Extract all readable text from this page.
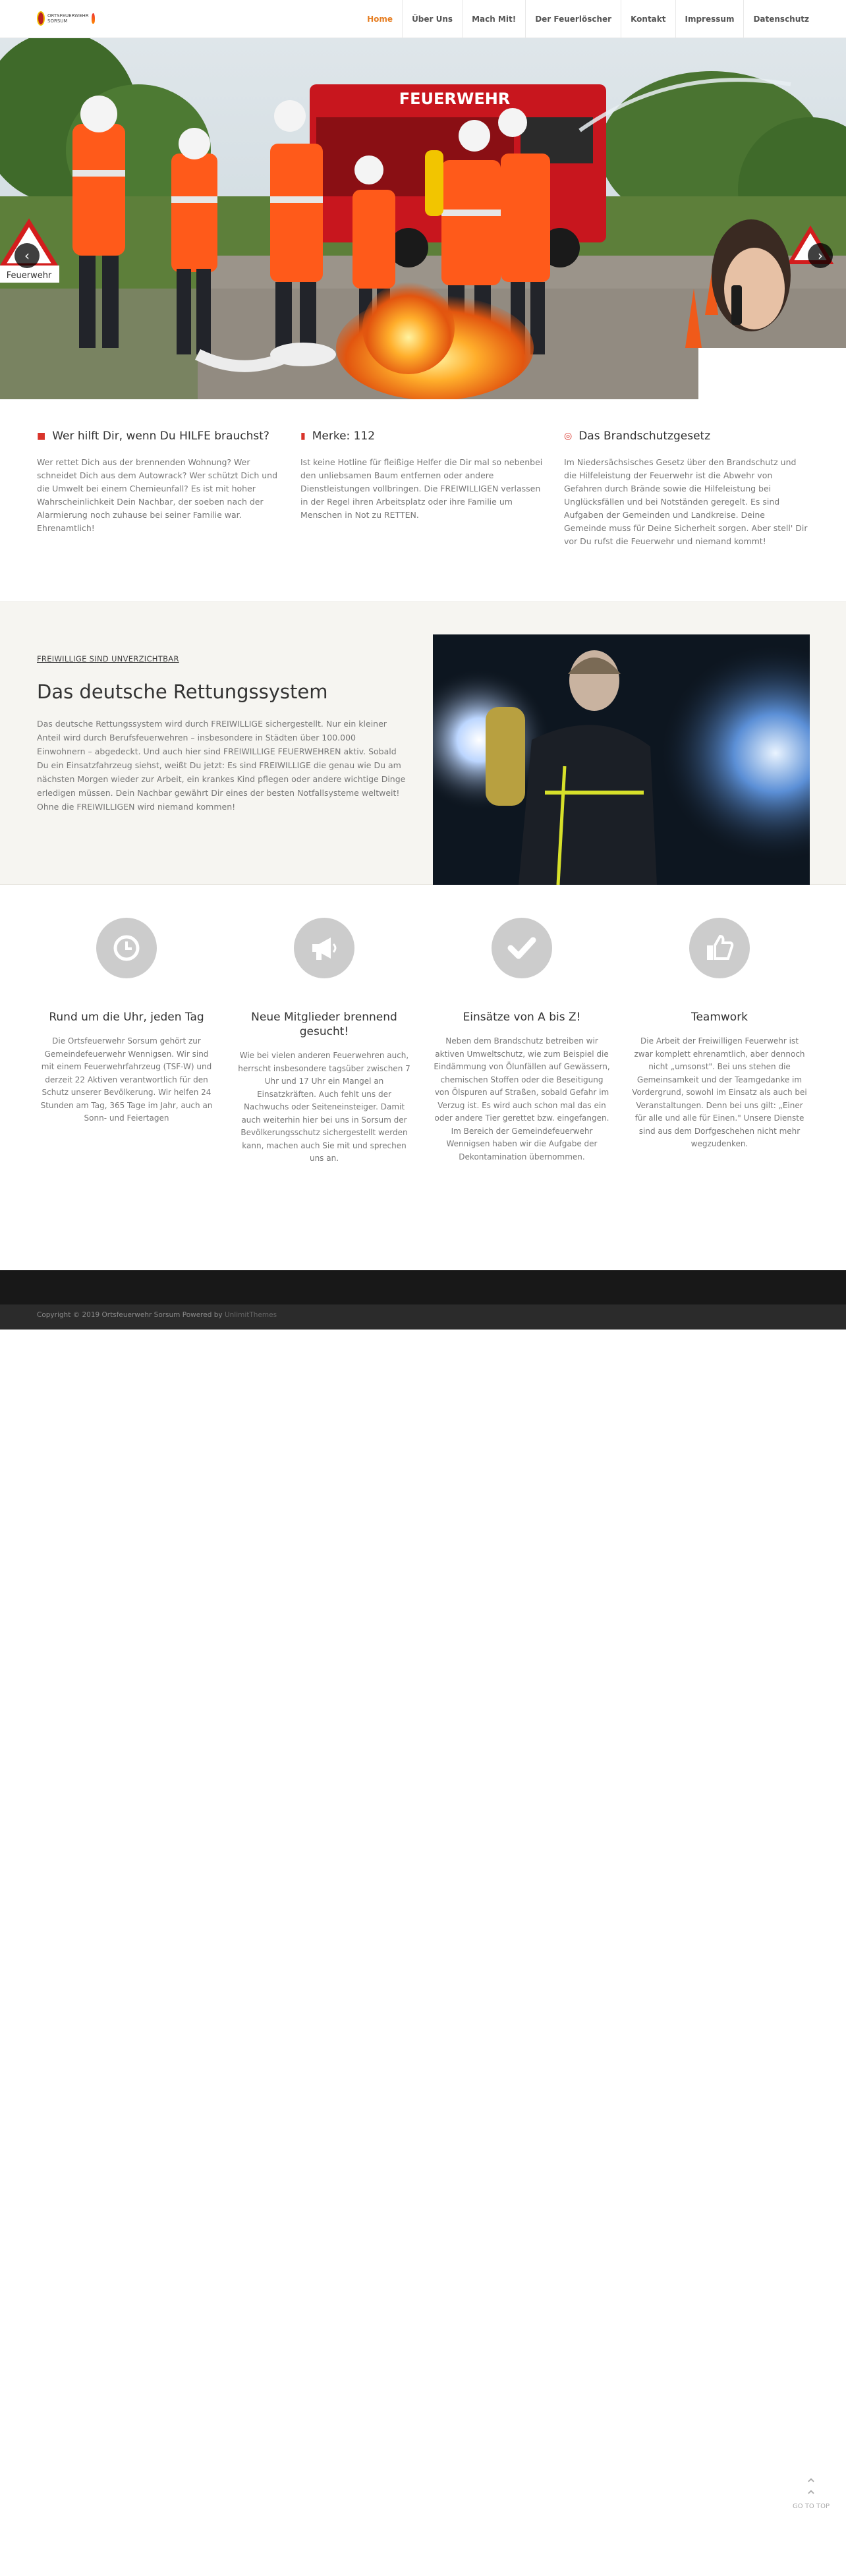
ORTSFEUERWEHR
SORSUM	Home	Über Uns	Mach Mit!	Der Feuerlöscher	Kontakt	Impressum	Datenschutz
FEUERWEHR
Feuerwehr
‹	›
■ Wer hilft Dir, wenn Du HILFE brauchst?

Wer rettet Dich aus der brennenden Wohnung? Wer schneidet Dich aus dem Autowrack? Wer schützt Dich und die Umwelt bei einem Chemieunfall? Es ist mit hoher Wahrscheinlichkeit Dein Nachbar, der soeben nach der Alarmierung noch zuhause bei seiner Familie war. Ehrenamtlich!

▮ Merke: 112

Ist keine Hotline für fleißige Helfer die Dir mal so nebenbei den unliebsamen Baum entfernen oder andere Dienstleistungen vollbringen. Die FREIWILLIGEN verlassen in der Regel ihren Arbeitsplatz oder ihre Familie um Menschen in Not zu RETTEN.

◎ Das Brandschutzgesetz

Im Niedersächsisches Gesetz über den Brandschutz und die Hilfeleistung der Feuerwehr ist die Abwehr von Gefahren durch Brände sowie die Hilfeleistung bei Unglücksfällen und bei Notständen geregelt. Es sind Aufgaben der Gemeinden und Landkreise. Deine Gemeinde muss für Deine Sicherheit sorgen. Aber stell' Dir vor Du rufst die Feuerwehr und niemand kommt!

FREIWILLIGE SIND UNVERZICHTBAR
Das deutsche Rettungssystem

Das deutsche Rettungssystem wird durch FREIWILLIGE sichergestellt. Nur ein kleiner Anteil wird durch Berufsfeuerwehren – insbesondere in Städten über 100.000 Einwohnern – abgedeckt. Und auch hier sind FREIWILLIGE FEUERWEHREN aktiv. Sobald Du ein Einsatzfahrzeug siehst, weißt Du jetzt: Es sind FREIWILLIGE die genau wie Du am nächsten Morgen wieder zur Arbeit, ein krankes Kind pflegen oder andere wichtige Dinge erledigen müssen. Dein Nachbar gewährt Dir eines der besten Notfallsysteme weltweit! Ohne die FREIWILLIGEN wird niemand kommen!

Rund um die Uhr, jeden Tag

Die Ortsfeuerwehr Sorsum gehört zur Gemeindefeuerwehr Wennigsen. Wir sind mit einem Feuerwehrfahrzeug (TSF-W) und derzeit 22 Aktiven verantwortlich für den Schutz unserer Bevölkerung. Wir helfen 24 Stunden am Tag, 365 Tage im Jahr, auch an Sonn- und Feiertagen

Neue Mitglieder brennend gesucht!

Wie bei vielen anderen Feuerwehren auch, herrscht insbesondere tagsüber zwischen 7 Uhr und 17 Uhr ein Mangel an Einsatzkräften. Auch fehlt uns der Nachwuchs oder Seiteneinsteiger. Damit auch weiterhin hier bei uns in Sorsum der Bevölkerungsschutz sichergestellt werden kann, machen auch Sie mit und sprechen uns an.

Einsätze von A bis Z!

Neben dem Brandschutz betreiben wir aktiven Umweltschutz, wie zum Beispiel die Eindämmung von Ölunfällen auf Gewässern, chemischen Stoffen oder die Beseitigung von Ölspuren auf Straßen, sobald Gefahr im Verzug ist. Es wird auch schon mal das ein oder andere Tier gerettet bzw. eingefangen. Im Bereich der Gemeindefeuerwehr Wennigsen haben wir die Aufgabe der Dekontamination übernommen.

Teamwork

Die Arbeit der Freiwilligen Feuerwehr ist zwar komplett ehrenamtlich, aber dennoch nicht „umsonst". Bei uns stehen die Gemeinsamkeit und der Teamgedanke im Vordergrund, sowohl im Einsatz als auch bei Veranstaltungen. Denn bei uns gilt: „Einer für alle und alle für Einen." Unsere Dienste sind aus dem Dorfgeschehen nicht mehr wegzudenken.

Copyright © 2019 Ortsfeuerwehr Sorsum Powered by UnlimitThemes
⌃
⌃
GO TO TOP
